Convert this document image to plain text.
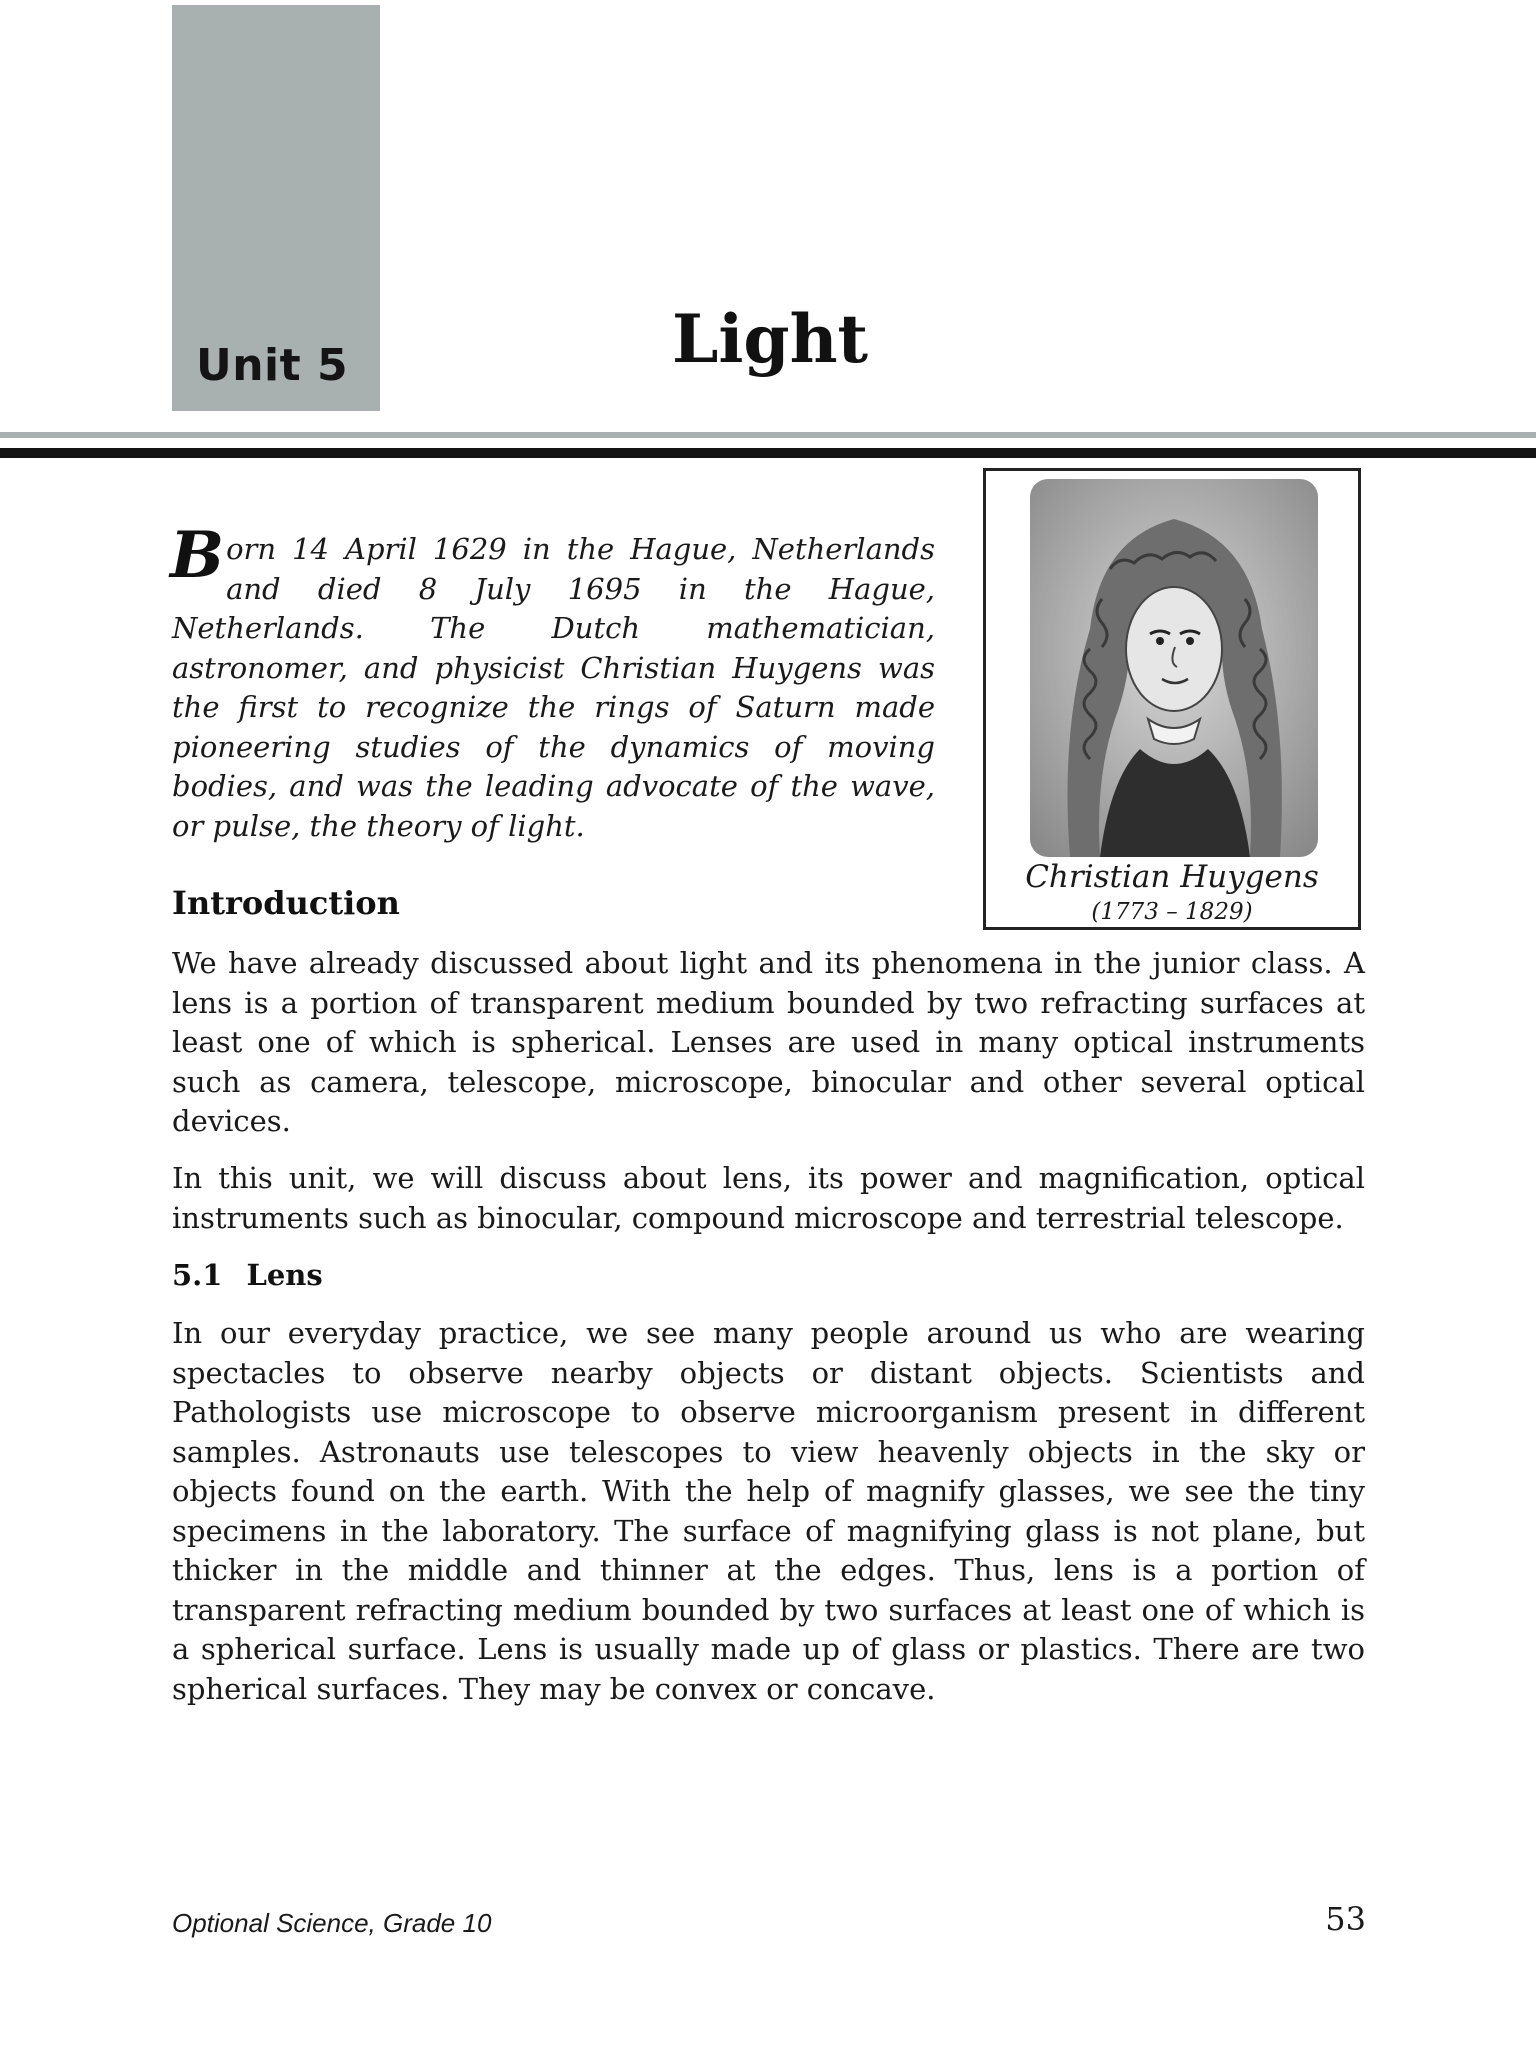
Unit 5	Light
Christian Huygens
(1773 – 1829)
Born 14 April 1629 in the Hague, Netherlands and died 8 July 1695 in the Hague, Netherlands. The Dutch mathematician, astronomer, and physicist Christian Huygens was the first to recognize the rings of Saturn made pioneering studies of the dynamics of moving bodies, and was the leading advocate of the wave, or pulse, the theory of light.
Introduction
We have already discussed about light and its phenomena in the junior class. A lens is a portion of transparent medium bounded by two refracting surfaces at least one of which is spherical. Lenses are used in many optical instruments such as camera, telescope, microscope, binocular and other several optical devices.
In this unit, we will discuss about lens, its power and magnification, optical instruments such as binocular, compound microscope and terrestrial telescope.
5.1 Lens
In our everyday practice, we see many people around us who are wearing spectacles to observe nearby objects or distant objects. Scientists and Pathologists use microscope to observe microorganism present in different samples. Astronauts use telescopes to view heavenly objects in the sky or objects found on the earth. With the help of magnify glasses, we see the tiny specimens in the laboratory. The surface of magnifying glass is not plane, but thicker in the middle and thinner at the edges. Thus, lens is a portion of transparent refracting medium bounded by two surfaces at least one of which is a spherical surface. Lens is usually made up of glass or plastics. There are two spherical surfaces. They may be convex or concave.
Optional Science, Grade 10	53
